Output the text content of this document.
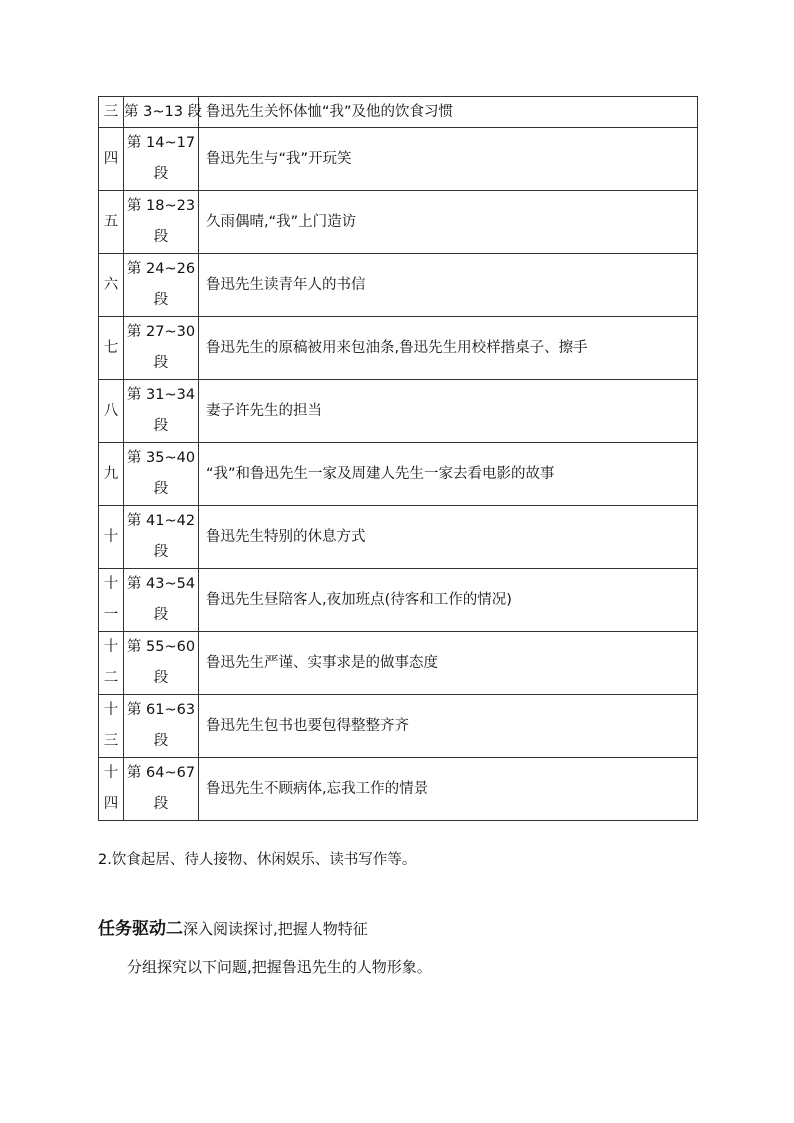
三	第 3~13 段	鲁迅先生关怀体恤“我”及他的饮食习惯
四	第 14~17 段	鲁迅先生与“我”开玩笑
五	第 18~23 段	久雨偶晴,“我”上门造访
六	第 24~26 段	鲁迅先生读青年人的书信
七	第 27~30 段	鲁迅先生的原稿被用来包油条,鲁迅先生用校样揩桌子、擦手
八	第 31~34 段	妻子许先生的担当
九	第 35~40 段	“我”和鲁迅先生一家及周建人先生一家去看电影的故事
十	第 41~42 段	鲁迅先生特别的休息方式
十一	第 43~54 段	鲁迅先生昼陪客人,夜加班点(待客和工作的情况)
十二	第 55~60 段	鲁迅先生严谨、实事求是的做事态度
十三	第 61~63 段	鲁迅先生包书也要包得整整齐齐
十四	第 64~67 段	鲁迅先生不顾病体,忘我工作的情景
2.饮食起居、待人接物、休闲娱乐、读书写作等。
任务驱动二深入阅读探讨,把握人物特征
分组探究以下问题,把握鲁迅先生的人物形象。
